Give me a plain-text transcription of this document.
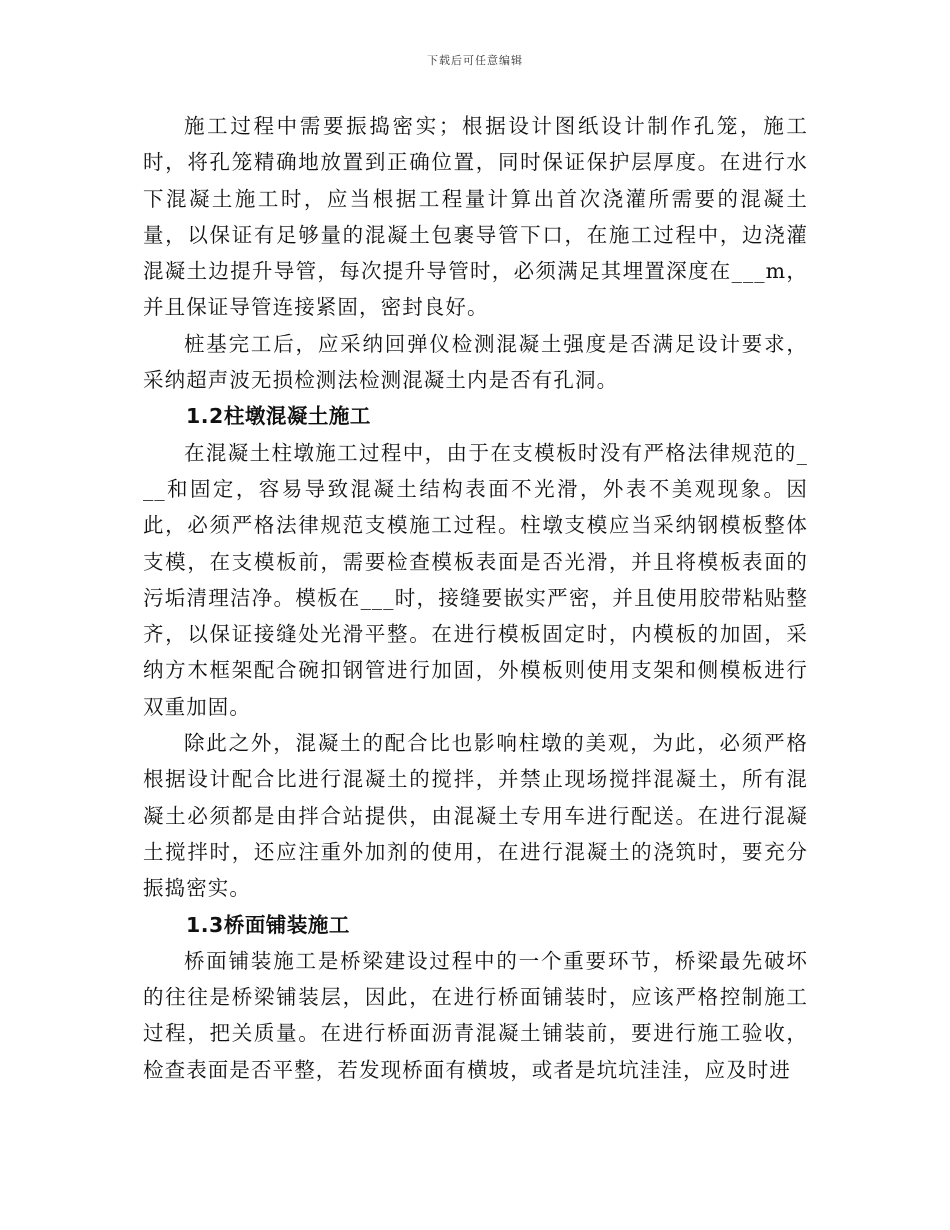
下载后可任意编辑

施工过程中需要振捣密实；根据设计图纸设计制作孔笼，施工时，将孔笼精确地放置到正确位置，同时保证保护层厚度。在进行水下混凝土施工时，应当根据工程量计算出首次浇灌所需要的混凝土量，以保证有足够量的混凝土包裹导管下口，在施工过程中，边浇灌混凝土边提升导管，每次提升导管时，必须满足其埋置深度在___m，并且保证导管连接紧固，密封良好。

桩基完工后，应采纳回弹仪检测混凝土强度是否满足设计要求，采纳超声波无损检测法检测混凝土内是否有孔洞。

1.2柱墩混凝土施工

在混凝土柱墩施工过程中，由于在支模板时没有严格法律规范的___和固定，容易导致混凝土结构表面不光滑，外表不美观现象。因此，必须严格法律规范支模施工过程。柱墩支模应当采纳钢模板整体支模，在支模板前，需要检查模板表面是否光滑，并且将模板表面的污垢清理洁净。模板在___时，接缝要嵌实严密，并且使用胶带粘贴整齐，以保证接缝处光滑平整。在进行模板固定时，内模板的加固，采纳方木框架配合碗扣钢管进行加固，外模板则使用支架和侧模板进行双重加固。

除此之外，混凝土的配合比也影响柱墩的美观，为此，必须严格根据设计配合比进行混凝土的搅拌，并禁止现场搅拌混凝土，所有混凝土必须都是由拌合站提供，由混凝土专用车进行配送。在进行混凝土搅拌时，还应注重外加剂的使用，在进行混凝土的浇筑时，要充分振捣密实。

1.3桥面铺装施工

桥面铺装施工是桥梁建设过程中的一个重要环节，桥梁最先破坏的往往是桥梁铺装层，因此，在进行桥面铺装时，应该严格控制施工过程，把关质量。在进行桥面沥青混凝土铺装前，要进行施工验收，检查表面是否平整，若发现桥面有横坡，或者是坑坑洼洼，应及时进
